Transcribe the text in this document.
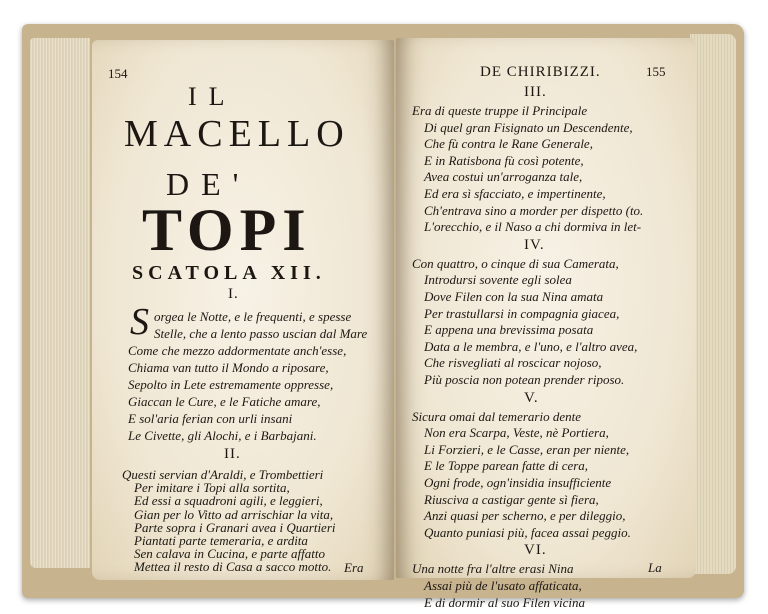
154
IL
MACELLO
DE'
TOPI
SCATOLA XII.
I.
S orgea le Notte, e le frequenti, e spesse
Stelle, che a lento passo uscian dal Mare
Come che mezzo addormentate anch'esse,
Chiama van tutto il Mondo a riposare,
Sepolto in Lete estremamente oppresse,
Giaccan le Cure, e le Fatiche amare,
E sol'aria ferian con urli insani
Le Civette, gli Alochi, e i Barbajani.
II.
Questi servian d'Araldi, e Trombettieri
Per imitare i Topi alla sortita,
Ed essi a squadroni agili, e leggieri,
Gian per lo Vitto ad arrischiar la vita,
Parte sopra i Granari avea i Quartieri
Piantati parte temeraria, e ardita
Sen calava in Cucina, e parte affatto
Mettea il resto di Casa a sacco motto. Era
DE CHIRIBIZZI.	155
III.
Era di queste truppe il Principale
Di quel gran Fisignato un Descendente,
Che fù contra le Rane Generale,
E in Ratisbona fù così potente,
Avea costui un'arroganza tale,
Ed era sì sfacciato, e impertinente,
Ch'entrava sino a morder per dispetto (to.
L'orecchio, e il Naso a chi dormiva in let-
IV.
Con quattro, o cinque di sua Camerata,
Introdursi sovente egli solea
Dove Filen con la sua Nina amata
Per trastullarsi in compagnia giacea,
E appena una brevissima posata
Data a le membra, e l'uno, e l'altro avea,
Che risvegliati al roscicar nojoso,
Più poscia non potean prender riposo.
V.
Sicura omai dal temerario dente
Non era Scarpa, Veste, nè Portiera,
Li Forzieri, e le Casse, eran per niente,
E le Toppe parean fatte di cera,
Ogni frode, ogn'insidia insufficiente
Riusciva a castigar gente sì fiera,
Anzi quasi per scherno, e per dileggio,
Quanto puniasi più, facea assai peggio.
VI.
Una notte fra l'altre erasi Nina
Assai più de l'usato affaticata,
E di dormir al suo Filen vicina
La
